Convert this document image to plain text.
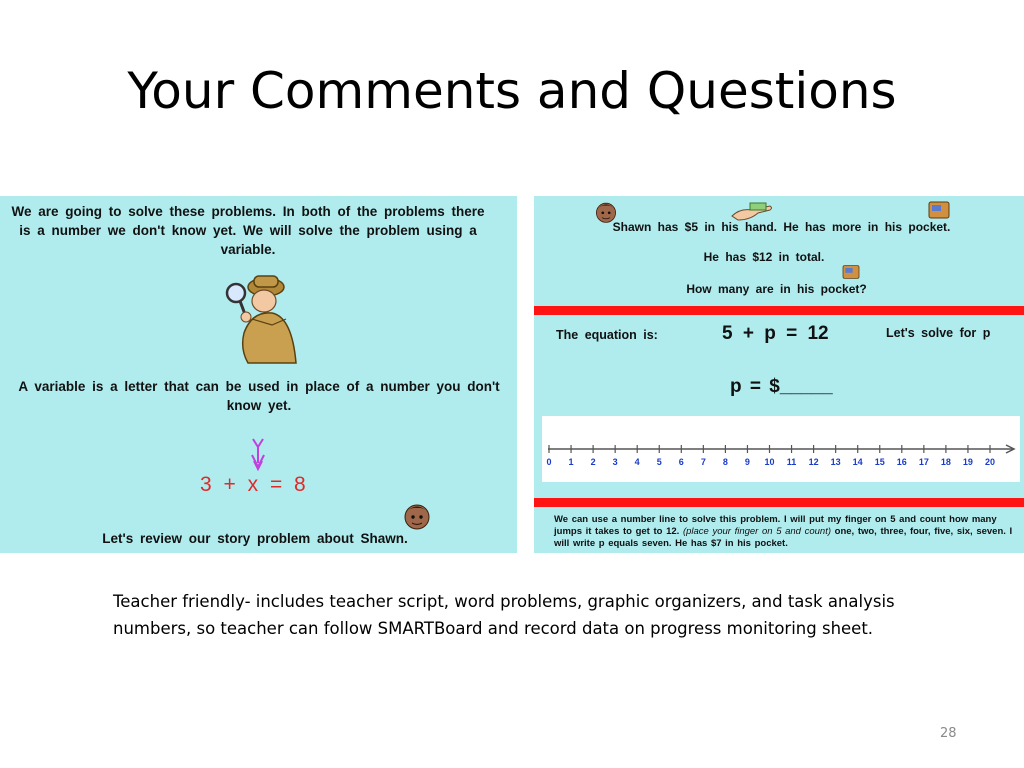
Your Comments and Questions
We are going to solve these problems. In both of the problems there is a number we don't know yet. We will solve the problem using a variable.
A variable is a letter that can be used in place of a number you don't know yet.
3 + x = 8
Let's review our story problem about Shawn.
Shawn has $5 in his hand. He has more in his pocket.
He has $12 in total.
How many are in his pocket?
The equation is:	5 + p = 12	Let's solve for p
p = $_____
0 1 2 3 4 5 6 7 8 9 10 11 12 13 14 15 16 17 18 19 20
We can use a number line to solve this problem. I will put my finger on 5 and count how many jumps it takes to get to 12. (place your finger on 5 and count) one, two, three, four, five, six, seven. I will write p equals seven. He has $7 in his pocket.
Teacher friendly- includes teacher script, word problems, graphic organizers, and task analysis numbers, so teacher can follow SMARTBoard and record data on progress monitoring sheet.
28
